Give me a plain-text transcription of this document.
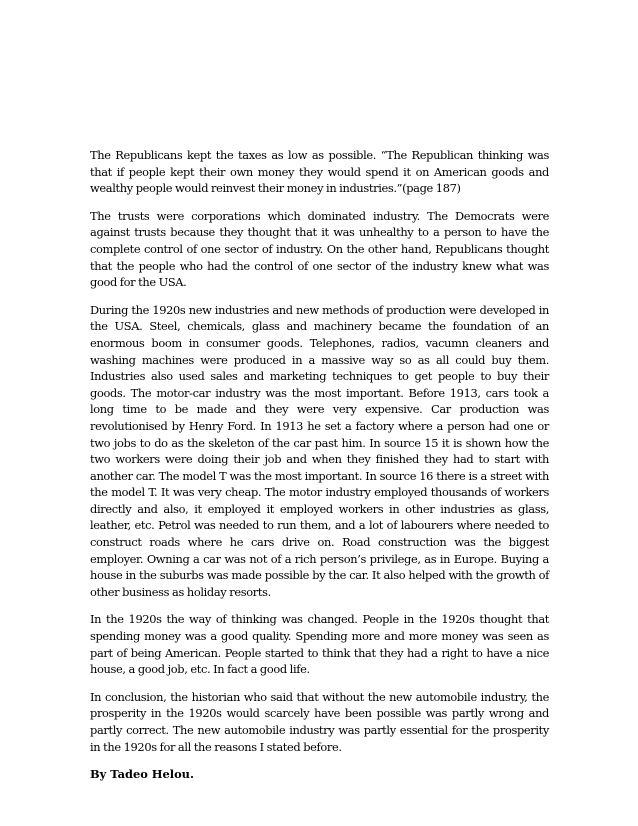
The Republicans kept the taxes as low as possible. “The Republican thinking was that if people kept their own money they would spend it on American goods and wealthy people would reinvest their money in industries.”(page 187)

The trusts were corporations which dominated industry. The Democrats were against trusts because they thought that it was unhealthy to a person to have the complete control of one sector of industry. On the other hand, Republicans thought that the people who had the control of one sector of the industry knew what was good for the USA.

During the 1920s new industries and new methods of production were developed in the USA. Steel, chemicals, glass and machinery became the foundation of an enormous boom in consumer goods. Telephones, radios, vacumn cleaners and washing machines were produced in a massive way so as all could buy them. Industries also used sales and marketing techniques to get people to buy their goods. The motor-car industry was the most important. Before 1913, cars took a long time to be made and they were very expensive. Car production was revolutionised by Henry Ford. In 1913 he set a factory where a person had one or two jobs to do as the skeleton of the car past him. In source 15 it is shown how the two workers were doing their job and when they finished they had to start with another car. The model T was the most important. In source 16 there is a street with the model T. It was very cheap. The motor industry employed thousands of workers directly and also, it employed it employed workers in other industries as glass, leather, etc. Petrol was needed to run them, and a lot of labourers where needed to construct roads where he cars drive on. Road construction was the biggest employer. Owning a car was not of a rich person’s privilege, as in Europe. Buying a house in the suburbs was made possible by the car. It also helped with the growth of other business as holiday resorts.

In the 1920s the way of thinking was changed. People in the 1920s thought that spending money was a good quality. Spending more and more money was seen as part of being American. People started to think that they had a right to have a nice house, a good job, etc. In fact a good life.

In conclusion, the historian who said that without the new automobile industry, the prosperity in the 1920s would scarcely have been possible was partly wrong and partly correct. The new automobile industry was partly essential for the prosperity in the 1920s for all the reasons I stated before.

By Tadeo Helou.
